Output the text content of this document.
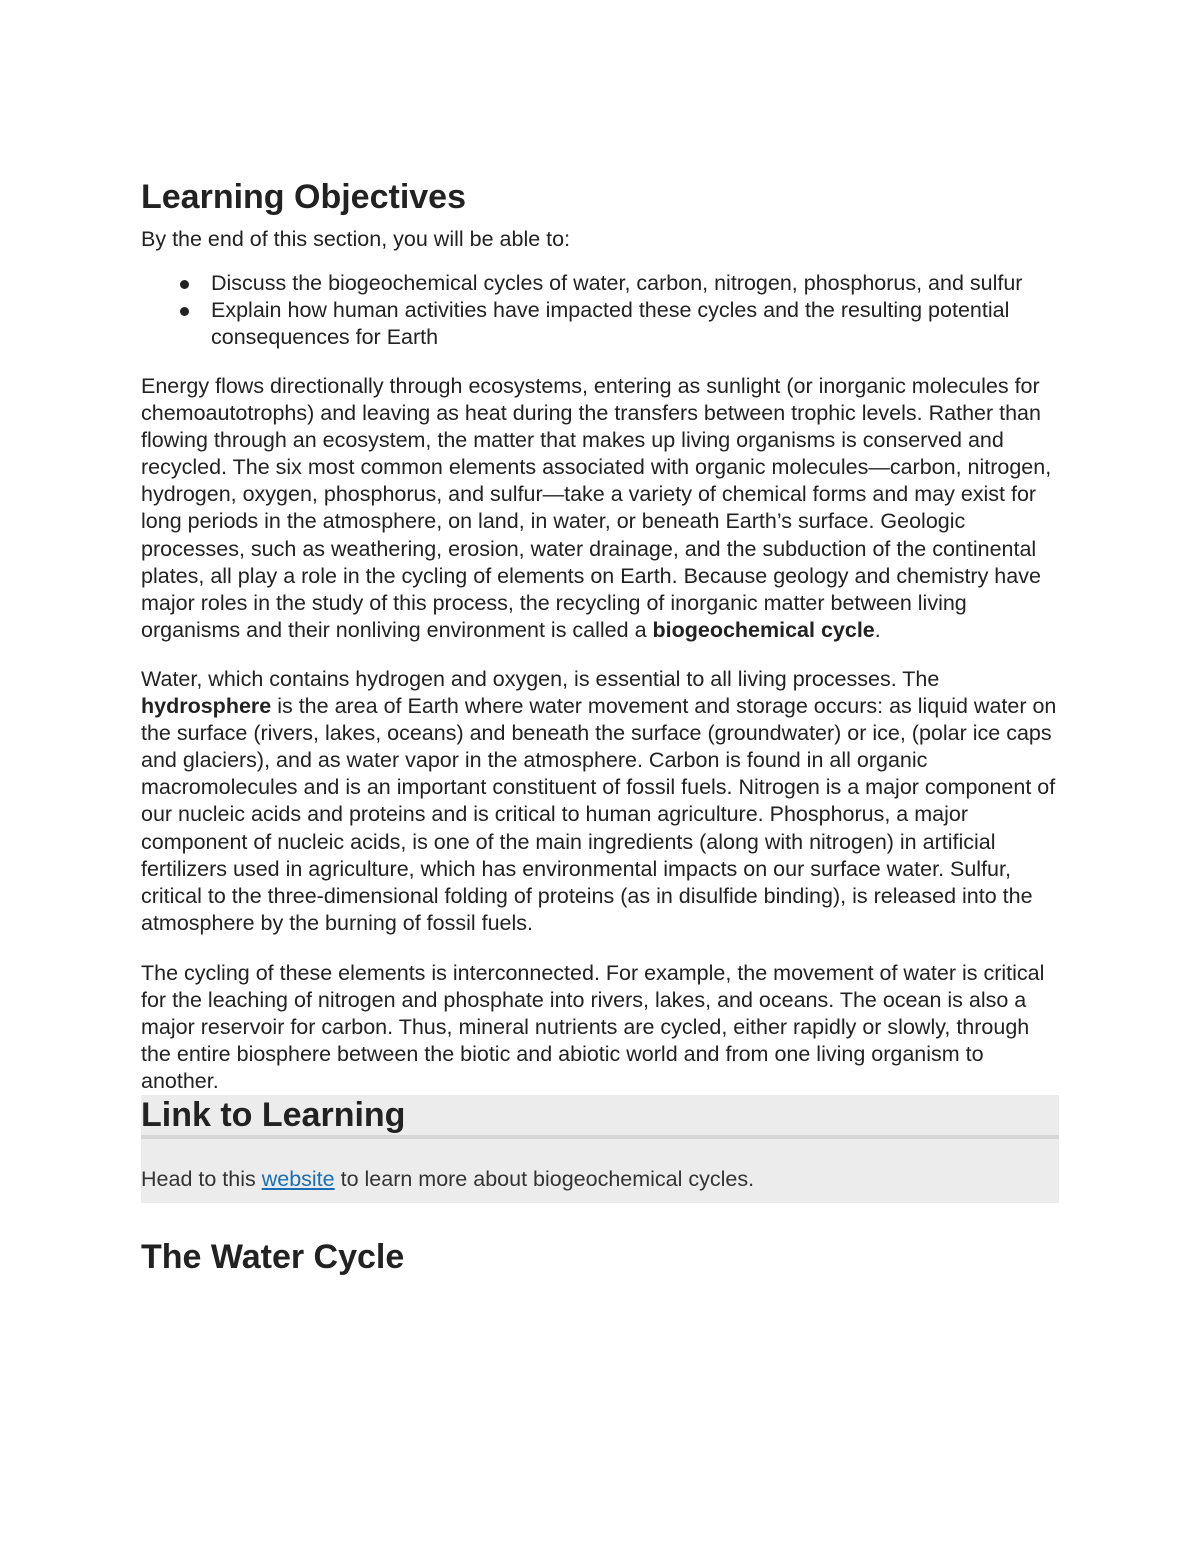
Learning Objectives

By the end of this section, you will be able to:

Discuss the biogeochemical cycles of water, carbon, nitrogen, phosphorus, and sulfur
Explain how human activities have impacted these cycles and the resulting potential consequences for Earth

Energy flows directionally through ecosystems, entering as sunlight (or inorganic molecules for chemoautotrophs) and leaving as heat during the transfers between trophic levels. Rather than flowing through an ecosystem, the matter that makes up living organisms is conserved and recycled. The six most common elements associated with organic molecules—carbon, nitrogen, hydrogen, oxygen, phosphorus, and sulfur—take a variety of chemical forms and may exist for long periods in the atmosphere, on land, in water, or beneath Earth’s surface. Geologic processes, such as weathering, erosion, water drainage, and the subduction of the continental plates, all play a role in the cycling of elements on Earth. Because geology and chemistry have major roles in the study of this process, the recycling of inorganic matter between living organisms and their nonliving environment is called a biogeochemical cycle.

Water, which contains hydrogen and oxygen, is essential to all living processes. The hydrosphere is the area of Earth where water movement and storage occurs: as liquid water on the surface (rivers, lakes, oceans) and beneath the surface (groundwater) or ice, (polar ice caps and glaciers), and as water vapor in the atmosphere. Carbon is found in all organic macromolecules and is an important constituent of fossil fuels. Nitrogen is a major component of our nucleic acids and proteins and is critical to human agriculture. Phosphorus, a major component of nucleic acids, is one of the main ingredients (along with nitrogen) in artificial fertilizers used in agriculture, which has environmental impacts on our surface water. Sulfur, critical to the three-dimensional folding of proteins (as in disulfide binding), is released into the atmosphere by the burning of fossil fuels.

The cycling of these elements is interconnected. For example, the movement of water is critical for the leaching of nitrogen and phosphate into rivers, lakes, and oceans. The ocean is also a major reservoir for carbon. Thus, mineral nutrients are cycled, either rapidly or slowly, through the entire biosphere between the biotic and abiotic world and from one living organism to another.

Link to Learning

Head to this website to learn more about biogeochemical cycles.

The Water Cycle
